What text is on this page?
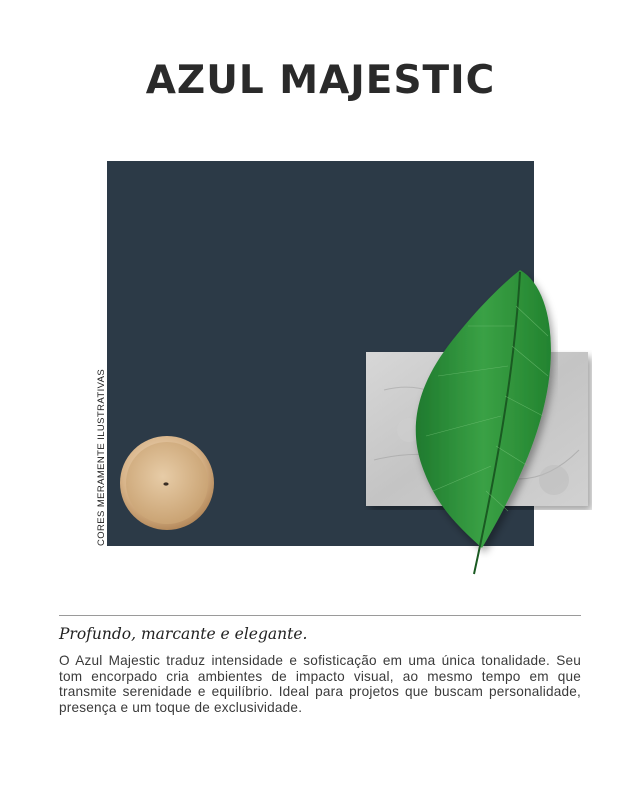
AZUL MAJESTIC
CORES MERAMENTE ILUSTRATIVAS

Profundo, marcante e elegante.

O Azul Majestic traduz intensidade e sofisticação em uma única tonalidade. Seu tom encorpado cria ambientes de impacto visual, ao mesmo tempo em que transmite serenidade e equilíbrio. Ideal para projetos que buscam personalidade, presença e um toque de exclusividade.
